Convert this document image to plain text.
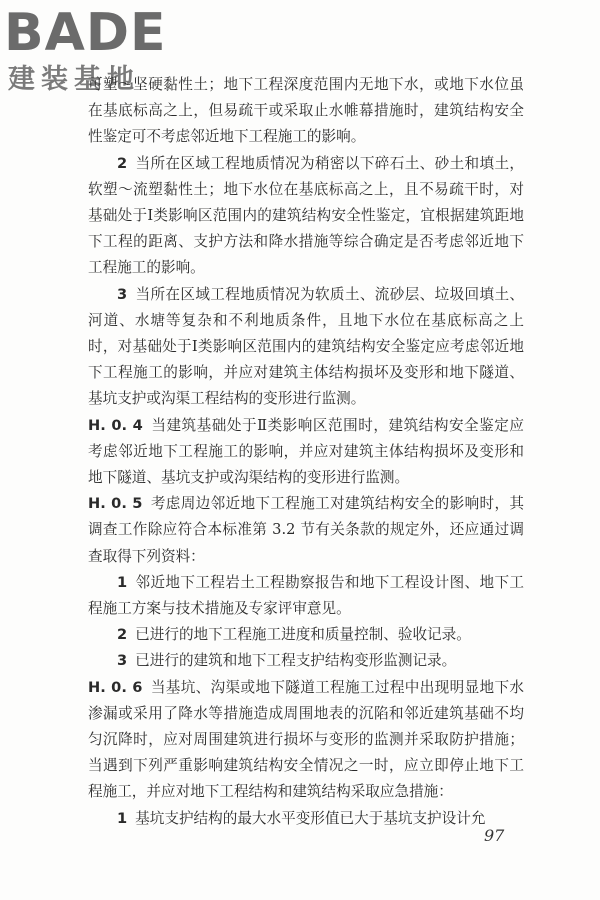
BADE
建装基地

可塑～坚硬黏性土；地下工程深度范围内无地下水，或地下水位虽在基底标高之上，但易疏干或采取止水帷幕措施时，建筑结构安全性鉴定可不考虑邻近地下工程施工的影响。

2 当所在区域工程地质情况为稍密以下碎石土、砂土和填土，软塑～流塑黏性土；地下水位在基底标高之上，且不易疏干时，对基础处于Ⅰ类影响区范围内的建筑结构安全性鉴定，宜根据建筑距地下工程的距离、支护方法和降水措施等综合确定是否考虑邻近地下工程施工的影响。

3 当所在区域工程地质情况为软质土、流砂层、垃圾回填土、河道、水塘等复杂和不利地质条件，且地下水位在基底标高之上时，对基础处于Ⅰ类影响区范围内的建筑结构安全鉴定应考虑邻近地下工程施工的影响，并应对建筑主体结构损坏及变形和地下隧道、基坑支护或沟渠工程结构的变形进行监测。

H. 0. 4 当建筑基础处于Ⅱ类影响区范围时，建筑结构安全鉴定应考虑邻近地下工程施工的影响，并应对建筑主体结构损坏及变形和地下隧道、基坑支护或沟渠结构的变形进行监测。

H. 0. 5 考虑周边邻近地下工程施工对建筑结构安全的影响时，其调查工作除应符合本标准第 3.2 节有关条款的规定外，还应通过调查取得下列资料：

1 邻近地下工程岩土工程勘察报告和地下工程设计图、地下工程施工方案与技术措施及专家评审意见。

2 已进行的地下工程施工进度和质量控制、验收记录。

3 已进行的建筑和地下工程支护结构变形监测记录。

H. 0. 6 当基坑、沟渠或地下隧道工程施工过程中出现明显地下水渗漏或采用了降水等措施造成周围地表的沉陷和邻近建筑基础不均匀沉降时，应对周围建筑进行损坏与变形的监测并采取防护措施；当遇到下列严重影响建筑结构安全情况之一时，应立即停止地下工程施工，并应对地下工程结构和建筑结构采取应急措施：

1 基坑支护结构的最大水平变形值已大于基坑支护设计允

97
